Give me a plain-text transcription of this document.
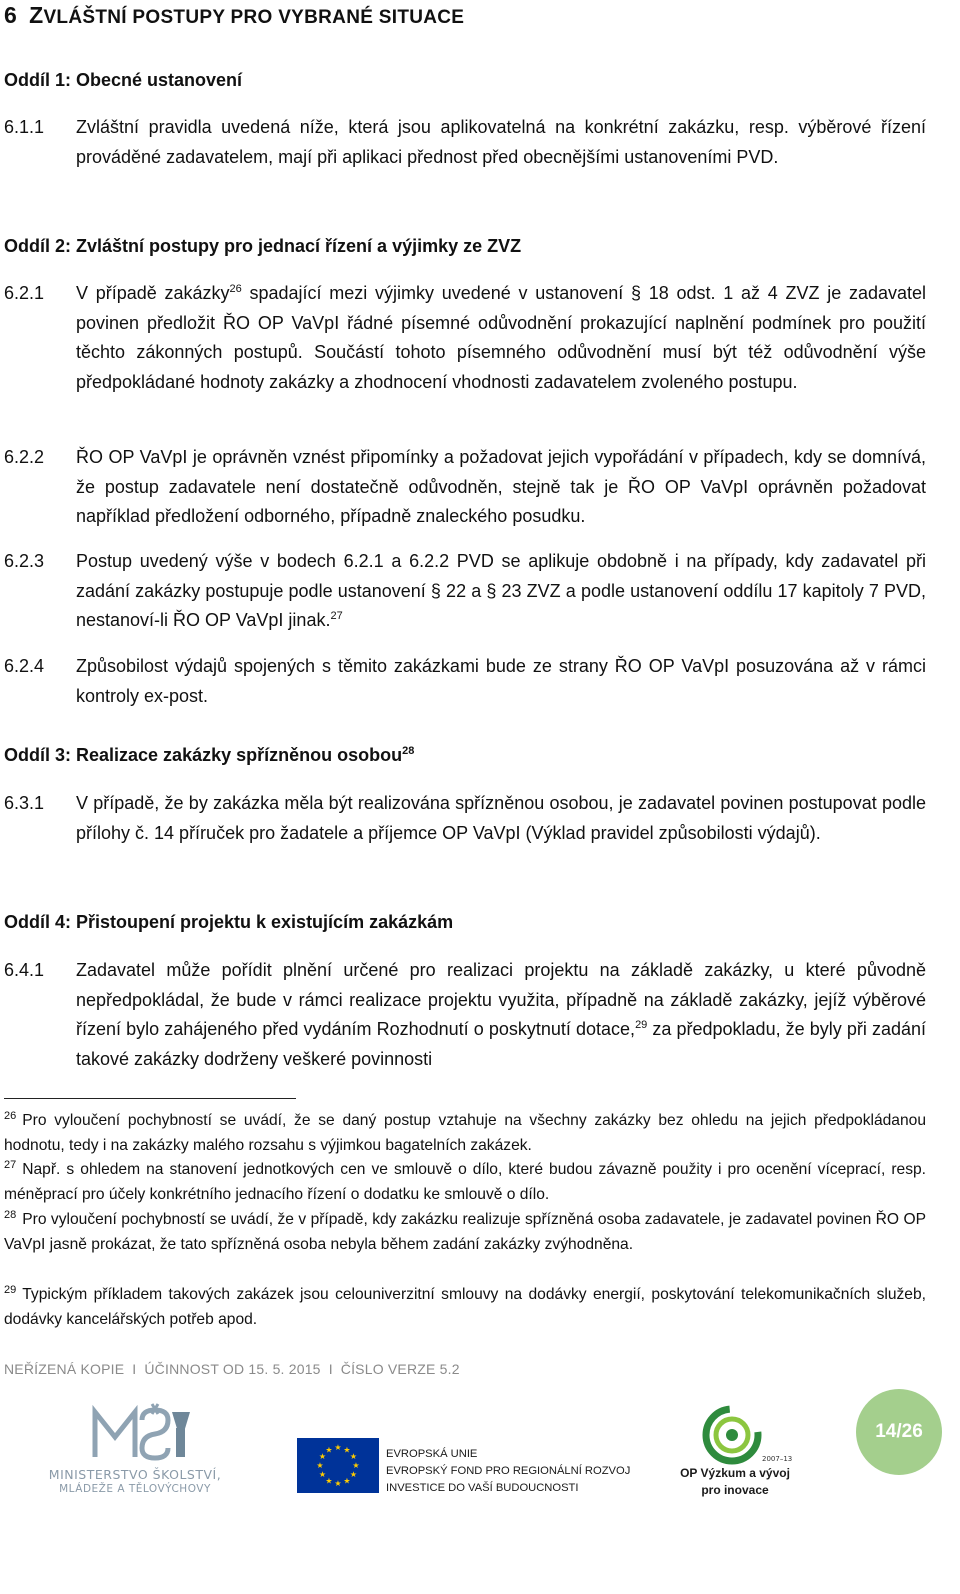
6 ZVLÁŠTNÍ POSTUPY PRO VYBRANÉ SITUACE
Oddíl 1: Obecné ustanovení
6.1.1	Zvláštní pravidla uvedená níže, která jsou aplikovatelná na konkrétní zakázku, resp. výběrové řízení prováděné zadavatelem, mají při aplikaci přednost před obecnějšími ustanoveními PVD.
Oddíl 2: Zvláštní postupy pro jednací řízení a výjimky ze ZVZ
6.2.1	V případě zakázky$^{26}$ spadající mezi výjimky uvedené v ustanovení § 18 odst. 1 až 4 ZVZ je zadavatel povinen předložit ŘO OP VaVpI řádné písemné odůvodnění prokazující naplnění podmínek pro použití těchto zákonných postupů. Součástí tohoto písemného odůvodnění musí být též odůvodnění výše předpokládané hodnoty zakázky a zhodnocení vhodnosti zadavatelem zvoleného postupu.
6.2.2	ŘO OP VaVpI je oprávněn vznést připomínky a požadovat jejich vypořádání v případech, kdy se domnívá, že postup zadavatele není dostatečně odůvodněn, stejně tak je ŘO OP VaVpI oprávněn požadovat například předložení odborného, případně znaleckého posudku.
6.2.3	Postup uvedený výše v bodech 6.2.1 a 6.2.2 PVD se aplikuje obdobně i na případy, kdy zadavatel při zadání zakázky postupuje podle ustanovení § 22 a § 23 ZVZ a podle ustanovení oddílu 17 kapitoly 7 PVD, nestanoví-li ŘO OP VaVpI jinak.$^{27}$
6.2.4	Způsobilost výdajů spojených s těmito zakázkami bude ze strany ŘO OP VaVpI posuzována až v rámci kontroly ex-post.
Oddíl 3: Realizace zakázky spřízněnou osobou$^{28}$
6.3.1	V případě, že by zakázka měla být realizována spřízněnou osobou, je zadavatel povinen postupovat podle přílohy č. 14 příruček pro žadatele a příjemce OP VaVpI (Výklad pravidel způsobilosti výdajů).
Oddíl 4: Přistoupení projektu k existujícím zakázkám
6.4.1	Zadavatel může pořídit plnění určené pro realizaci projektu na základě zakázky, u které původně nepředpokládal, že bude v rámci realizace projektu využita, případně na základě zakázky, jejíž výběrové řízení bylo zahájeného před vydáním Rozhodnutí o poskytnutí dotace,$^{29}$ za předpokladu, že byly při zadání takové zakázky dodrženy veškeré povinnosti
$^{26}$ Pro vyloučení pochybností se uvádí, že se daný postup vztahuje na všechny zakázky bez ohledu na jejich předpokládanou hodnotu, tedy i na zakázky malého rozsahu s výjimkou bagatelních zakázek.
$^{27}$ Např. s ohledem na stanovení jednotkových cen ve smlouvě o dílo, které budou závazně použity i pro ocenění víceprací, resp. méněprací pro účely konkrétního jednacího řízení o dodatku ke smlouvě o dílo.
$^{28}$ Pro vyloučení pochybností se uvádí, že v případě, kdy zakázku realizuje spřízněná osoba zadavatele, je zadavatel povinen ŘO OP VaVpI jasně prokázat, že tato spřízněná osoba nebyla během zadání zakázky zvýhodněna.
$^{29}$ Typickým příkladem takových zakázek jsou celouniverzitní smlouvy na dodávky energií, poskytování telekomunikačních služeb, dodávky kancelářských potřeb apod.
NEŘÍZENÁ KOPIE I ÚČINNOST OD 15. 5. 2015 I ČÍSLO VERZE 5.2
MINISTERSTVO ŠKOLSTVÍ,
MLÁDEŽE A TĚLOVÝCHOVY
★ ★
★
★
★
★
★
★
★
★
★
★	EVROPSKÁ UNIE
EVROPSKÝ FOND PRO REGIONÁLNÍ ROZVOJ
INVESTICE DO VAŠÍ BUDOUCNOSTI
2007–13
OP Výzkum a vývoj
pro inovace
14/26
